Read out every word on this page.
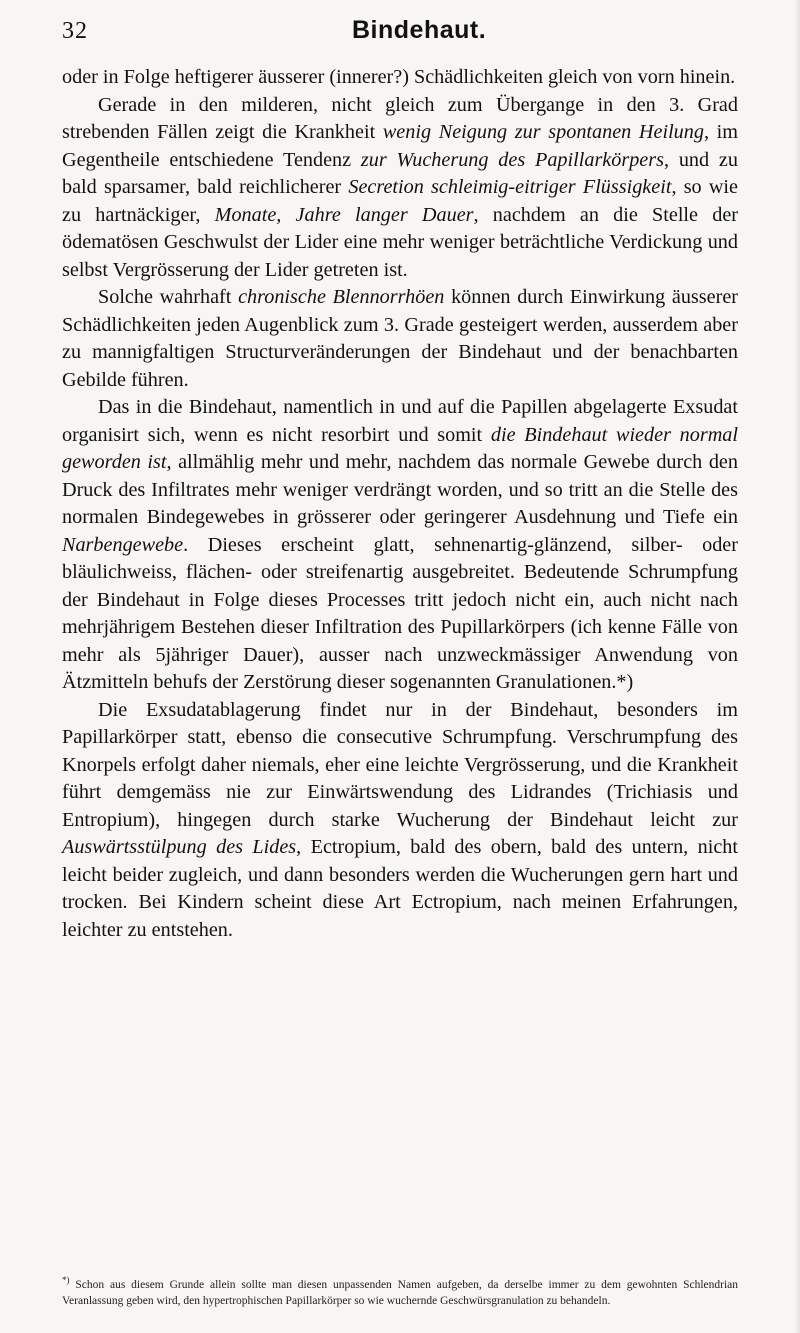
32	Bindehaut.

oder in Folge heftigerer äusserer (innerer?) Schädlichkeiten gleich von vorn hinein.

Gerade in den milderen, nicht gleich zum Übergange in den 3. Grad strebenden Fällen zeigt die Krankheit wenig Neigung zur spontanen Heilung, im Gegentheile entschiedene Tendenz zur Wucherung des Papillarkörpers, und zu bald sparsamer, bald reichlicherer Secretion schleimig-eitriger Flüssigkeit, so wie zu hartnäckiger, Monate, Jahre langer Dauer, nachdem an die Stelle der ödematösen Geschwulst der Lider eine mehr weniger beträchtliche Verdickung und selbst Vergrösserung der Lider getreten ist.

Solche wahrhaft chronische Blennorrhöen können durch Einwirkung äusserer Schädlichkeiten jeden Augenblick zum 3. Grade gesteigert werden, ausserdem aber zu mannigfaltigen Structurveränderungen der Bindehaut und der benachbarten Gebilde führen.

Das in die Bindehaut, namentlich in und auf die Papillen abgelagerte Exsudat organisirt sich, wenn es nicht resorbirt und somit die Bindehaut wieder normal geworden ist, allmählig mehr und mehr, nachdem das normale Gewebe durch den Druck des Infiltrates mehr weniger verdrängt worden, und so tritt an die Stelle des normalen Bindegewebes in grösserer oder geringerer Ausdehnung und Tiefe ein Narbengewebe. Dieses erscheint glatt, sehnenartig-glänzend, silber- oder bläulichweiss, flächen- oder streifenartig ausgebreitet. Bedeutende Schrumpfung der Bindehaut in Folge dieses Processes tritt jedoch nicht ein, auch nicht nach mehrjährigem Bestehen dieser Infiltration des Pupillarkörpers (ich kenne Fälle von mehr als 5jähriger Dauer), ausser nach unzweckmässiger Anwendung von Ätzmitteln behufs der Zerstörung dieser sogenannten Granulationen.*)

Die Exsudatablagerung findet nur in der Bindehaut, besonders im Papillarkörper statt, ebenso die consecutive Schrumpfung. Verschrumpfung des Knorpels erfolgt daher niemals, eher eine leichte Vergrösserung, und die Krankheit führt demgemäss nie zur Einwärtswendung des Lidrandes (Trichiasis und Entropium), hingegen durch starke Wucherung der Bindehaut leicht zur Auswärtsstülpung des Lides, Ectropium, bald des obern, bald des untern, nicht leicht beider zugleich, und dann besonders werden die Wucherungen gern hart und trocken. Bei Kindern scheint diese Art Ectropium, nach meinen Erfahrungen, leichter zu entstehen.

*) Schon aus diesem Grunde allein sollte man diesen unpassenden Namen aufgeben, da derselbe immer zu dem gewohnten Schlendrian Veranlassung geben wird, den hypertrophischen Papillarkörper so wie wuchernde Geschwürsgranulation zu behandeln.
